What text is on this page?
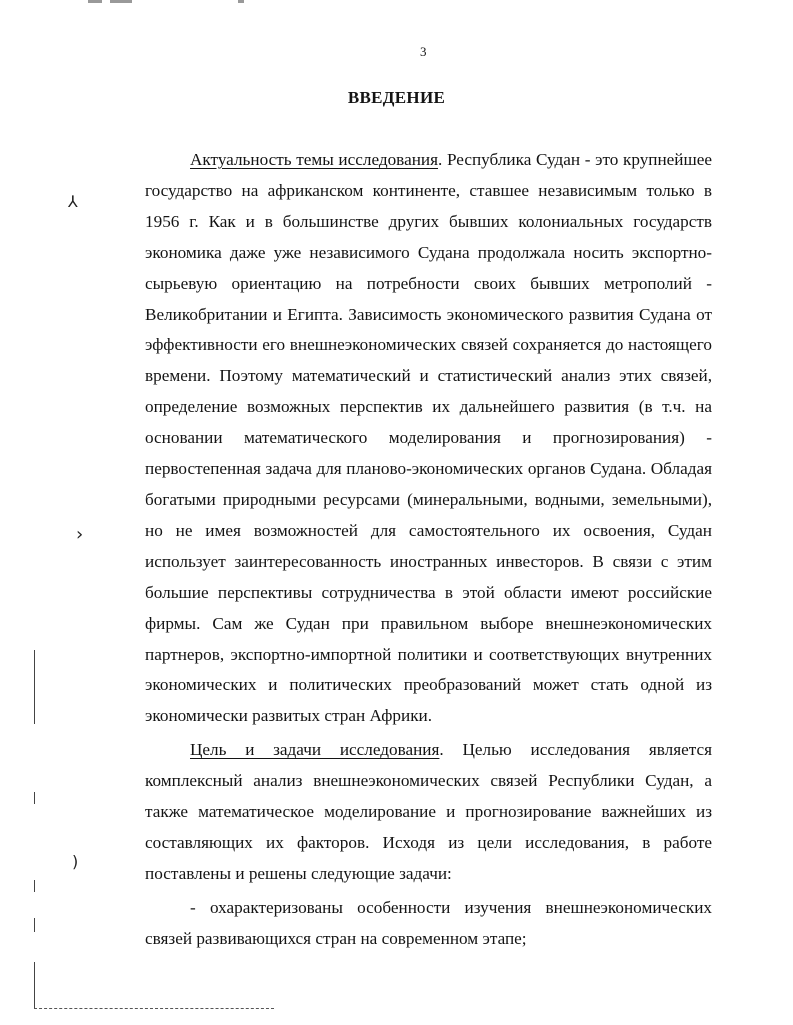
3
ВВЕДЕНИЕ

Актуальность темы исследования. Республика Судан - это крупнейшее государство на африканском континенте, ставшее независимым только в 1956 г. Как и в большинстве других бывших колониальных государств экономика даже уже независимого Судана продолжала носить экспортно-сырьевую ориентацию на потребности своих бывших метрополий - Великобритании и Египта. Зависимость экономического развития Судана от эффективности его внешнеэкономических связей сохраняется до настоящего времени. Поэтому математический и статистический анализ этих связей, определение возможных перспектив их дальнейшего развития (в т.ч. на основании математического моделирования и прогнозирования) - первостепенная задача для планово-экономических органов Судана. Обладая богатыми природными ресурсами (минеральными, водными, земельными), но не имея возможностей для самостоятельного их освоения, Судан использует заинтересованность иностранных инвесторов. В связи с этим большие перспективы сотрудничества в этой области имеют российские фирмы. Сам же Судан при правильном выборе внешнеэкономических партнеров, экспортно-импортной политики и соответствующих внутренних экономических и политических преобразований может стать одной из экономически развитых стран Африки.

Цель и задачи исследования. Целью исследования является комплексный анализ внешнеэкономических связей Республики Судан, а также математическое моделирование и прогнозирование важнейших из составляющих их факторов. Исходя из цели исследования, в работе поставлены и решены следующие задачи:

- охарактеризованы особенности изучения внешнеэкономических связей развивающихся стран на современном этапе;

⅄
›
)
